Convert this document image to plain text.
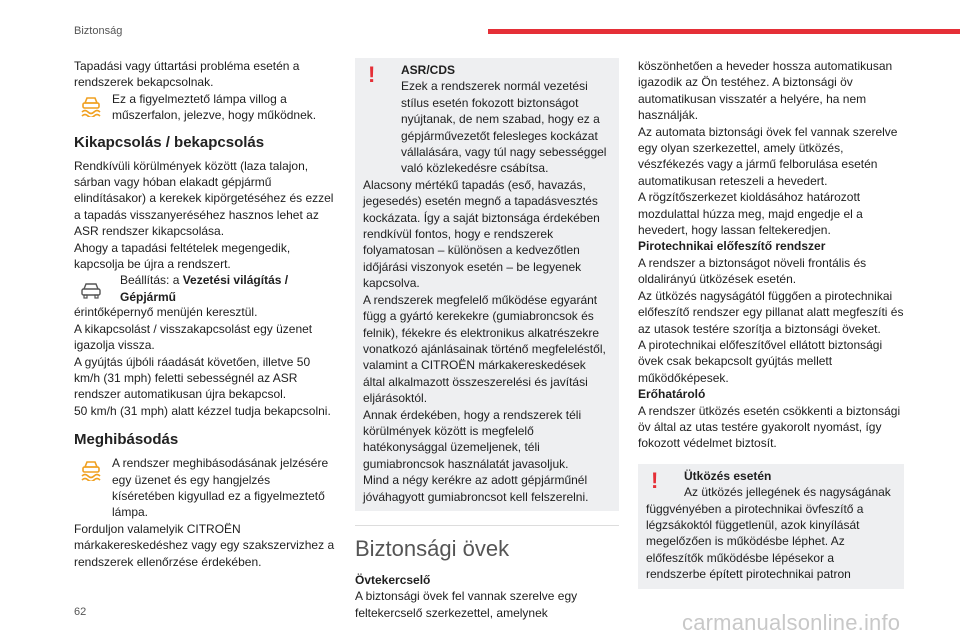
Biztonság

Tapadási vagy úttartási probléma esetén a rendszerek bekapcsolnak.

Ez a figyelmeztető lámpa villog a műszerfalon, jelezve, hogy működnek.

Kikapcsolás / bekapcsolás

Rendkívüli körülmények között (laza talajon, sárban vagy hóban elakadt gépjármű elindításakor) a kerekek kipörgetéséhez és ezzel a tapadás visszanyeréséhez hasznos lehet az ASR rendszer kikapcsolása.

Ahogy a tapadási feltételek megengedik, kapcsolja be újra a rendszert.

Beállítás: a Vezetési világítás / Gépjármű

érintőképernyő menüjén keresztül.

A kikapcsolást / visszakapcsolást egy üzenet igazolja vissza.

A gyújtás újbóli ráadását követően, illetve 50 km/h (31 mph) feletti sebességnél az ASR rendszer automatikusan újra bekapcsol.

50 km/h (31 mph) alatt kézzel tudja bekapcsolni.

Meghibásodás

A rendszer meghibásodásának jelzésére egy üzenet és egy hangjelzés kíséretében kigyullad ez a figyelmeztető lámpa.

Forduljon valamelyik CITROËN márkakereskedéshez vagy egy szakszervizhez a rendszerek ellenőrzése érdekében.

!	ASR/CDS

Ezek a rendszerek normál vezetési stílus esetén fokozott biztonságot nyújtanak, de nem szabad, hogy ez a gépjárművezetőt felesleges kockázat vállalására, vagy túl nagy sebességgel való közlekedésre csábítsa.

Alacsony mértékű tapadás (eső, havazás, jegesedés) esetén megnő a tapadásvesztés kockázata. Így a saját biztonsága érdekében rendkívül fontos, hogy e rendszerek folyamatosan – különösen a kedvezőtlen időjárási viszonyok esetén – be legyenek kapcsolva.

A rendszerek megfelelő működése egyaránt függ a gyártó kerekekre (gumiabroncsok és felnik), fékekre és elektronikus alkatrészekre vonatkozó ajánlásainak történő megfeleléstől, valamint a CITROËN márkakereskedések által alkalmazott összeszerelési és javítási eljárásoktól.

Annak érdekében, hogy a rendszerek téli körülmények között is megfelelő hatékonysággal üzemeljenek, téli gumiabroncsok használatát javasoljuk.

Mind a négy kerékre az adott gépjárműnél jóváhagyott gumiabroncsot kell felszerelni.

Biztonsági övek

Övtekercselő

A biztonsági övek fel vannak szerelve egy feltekercselő szerkezettel, amelynek

köszönhetően a heveder hossza automatikusan igazodik az Ön testéhez. A biztonsági öv automatikusan visszatér a helyére, ha nem használják.

Az automata biztonsági övek fel vannak szerelve egy olyan szerkezettel, amely ütközés, vészfékezés vagy a jármű felborulása esetén automatikusan reteszeli a hevedert.

A rögzítőszerkezet kioldásához határozott mozdulattal húzza meg, majd engedje el a hevedert, hogy lassan feltekeredjen.

Pirotechnikai előfeszítő rendszer

A rendszer a biztonságot növeli frontális és oldalirányú ütközések esetén.

Az ütközés nagyságától függően a pirotechnikai előfeszítő rendszer egy pillanat alatt megfeszíti és az utasok testére szorítja a biztonsági öveket.

A pirotechnikai előfeszítővel ellátott biztonsági övek csak bekapcsolt gyújtás mellett működőképesek.

Erőhatároló

A rendszer ütközés esetén csökkenti a biztonsági öv által az utas testére gyakorolt nyomást, így fokozott védelmet biztosít.

!	Ütközés esetén

Az ütközés jellegének és nagyságának függvényében a pirotechnikai övfeszítő a légzsákoktól függetlenül, azok kinyílását megelőzően is működésbe léphet. Az előfeszítők működésbe lépésekor a rendszerbe épített pirotechnikai patron

62	carmanualsonline.info
